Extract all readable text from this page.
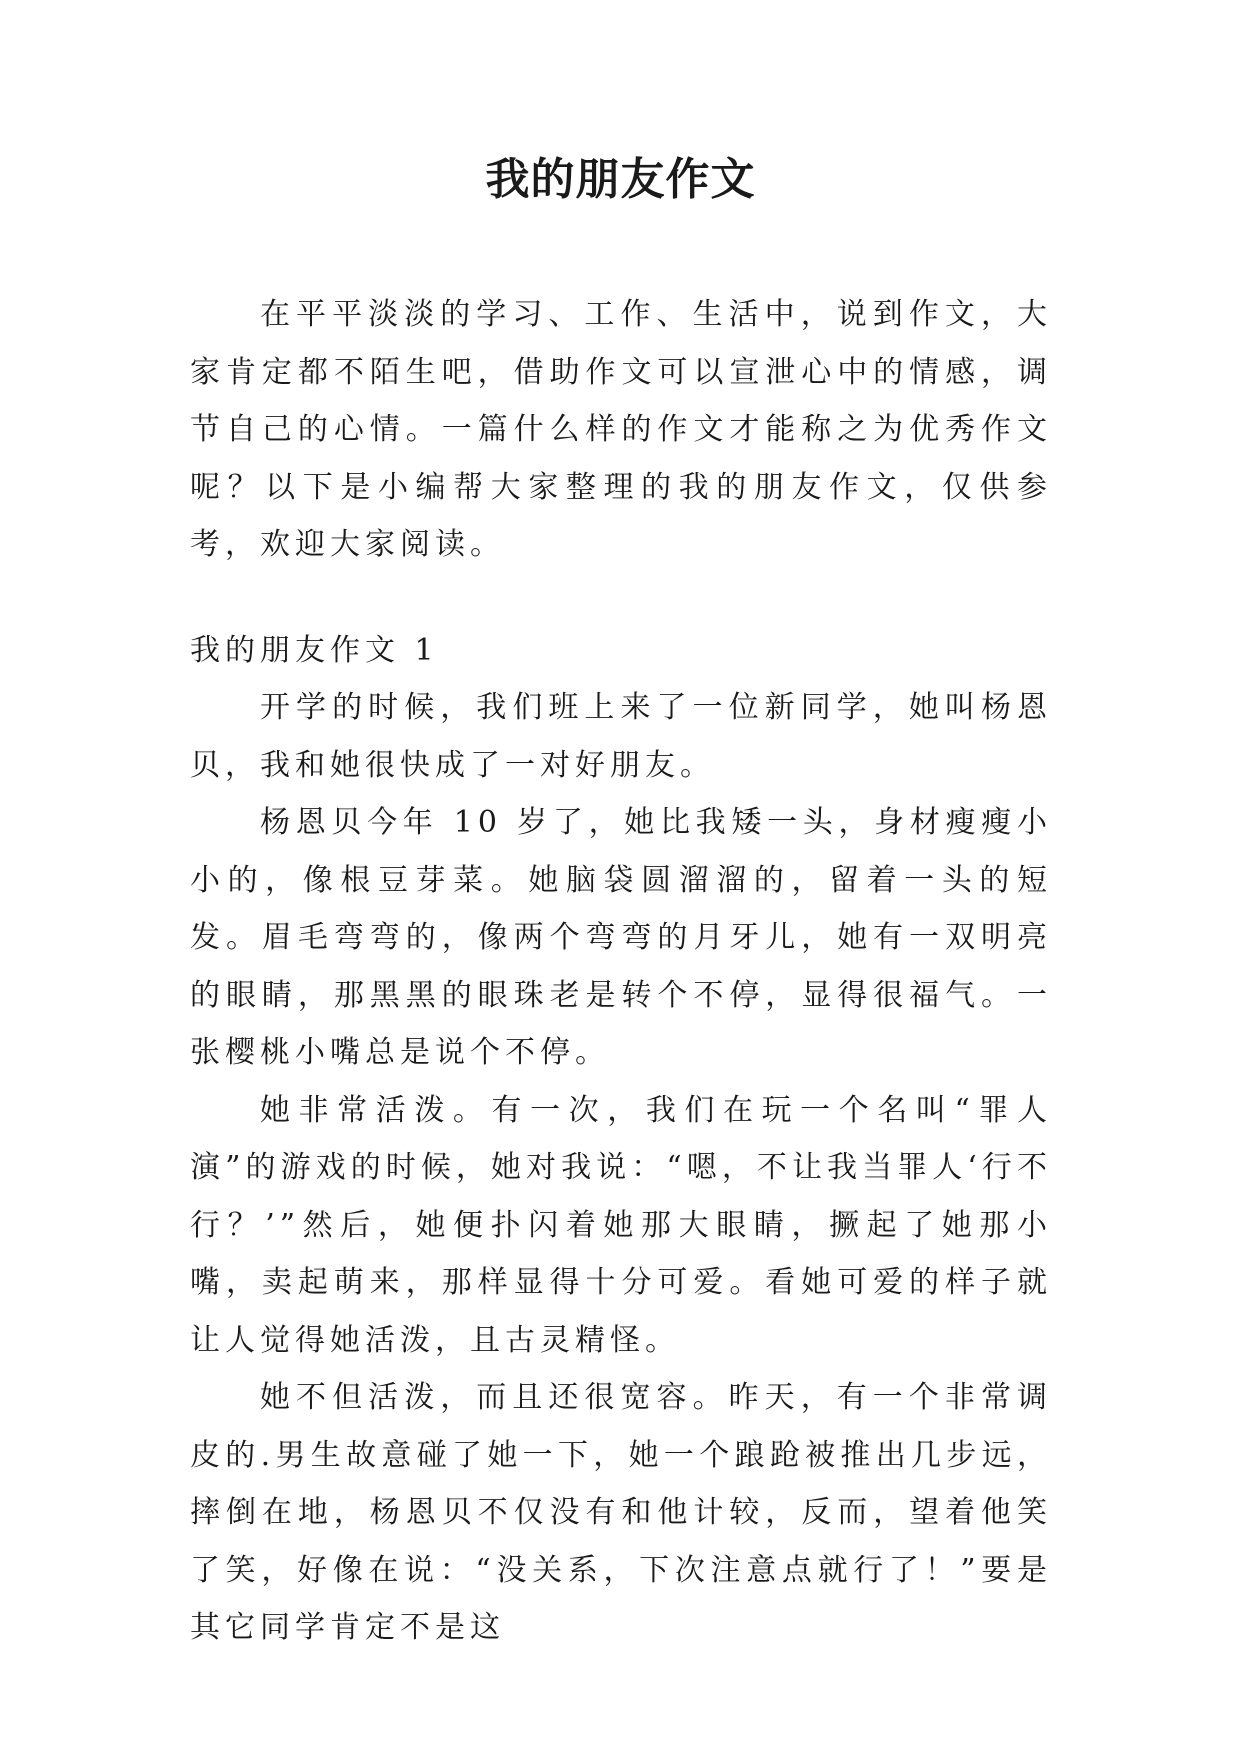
我的朋友作文

在平平淡淡的学习、工作、生活中，说到作文，大家肯定都不陌生吧，借助作文可以宣泄心中的情感，调节自己的心情。一篇什么样的作文才能称之为优秀作文呢？以下是小编帮大家整理的我的朋友作文，仅供参考，欢迎大家阅读。

我的朋友作文 1

开学的时候，我们班上来了一位新同学，她叫杨恩贝，我和她很快成了一对好朋友。

杨恩贝今年 10 岁了，她比我矮一头，身材瘦瘦小小的，像根豆芽菜。她脑袋圆溜溜的，留着一头的短发。眉毛弯弯的，像两个弯弯的月牙儿，她有一双明亮的眼睛，那黑黑的眼珠老是转个不停，显得很福气。一张樱桃小嘴总是说个不停。

她非常活泼。有一次，我们在玩一个名叫“罪人演”的游戏的时候，她对我说：“嗯，不让我当罪人‘行不行？’”然后，她便扑闪着她那大眼睛，撅起了她那小嘴，卖起萌来，那样显得十分可爱。看她可爱的样子就让人觉得她活泼，且古灵精怪。

她不但活泼，而且还很宽容。昨天，有一个非常调皮的.男生故意碰了她一下，她一个踉跄被推出几步远，摔倒在地，杨恩贝不仅没有和他计较，反而，望着他笑了笑，好像在说：“没关系，下次注意点就行了！”要是其它同学肯定不是这
